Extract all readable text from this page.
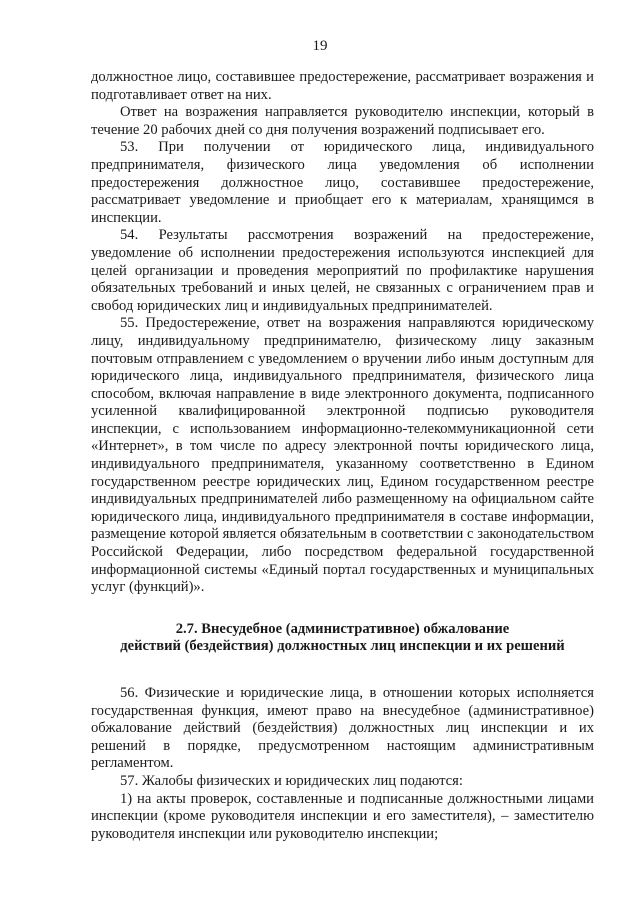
19

должностное лицо, составившее предостережение, рассматривает возражения и подготавливает ответ на них.

Ответ на возражения направляется руководителю инспекции, который в течение 20 рабочих дней со дня получения возражений подписывает его.

53. При получении от юридического лица, индивидуального предпринимателя, физического лица уведомления об исполнении предостережения должностное лицо, составившее предостережение, рассматривает уведомление и приобщает его к материалам, хранящимся в инспекции.

54. Результаты рассмотрения возражений на предостережение, уведомление об исполнении предостережения используются инспекцией для целей организации и проведения мероприятий по профилактике нарушения обязательных требований и иных целей, не связанных с ограничением прав и свобод юридических лиц и индивидуальных предпринимателей.

55. Предостережение, ответ на возражения направляются юридическому лицу, индивидуальному предпринимателю, физическому лицу заказным почтовым отправлением с уведомлением о вручении либо иным доступным для юридического лица, индивидуального предпринимателя, физического лица способом, включая направление в виде электронного документа, подписанного усиленной квалифицированной электронной подписью руководителя инспекции, с использованием информационно-телекоммуникационной сети «Интернет», в том числе по адресу электронной почты юридического лица, индивидуального предпринимателя, указанному соответственно в Едином государственном реестре юридических лиц, Едином государственном реестре индивидуальных предпринимателей либо размещенному на официальном сайте юридического лица, индивидуального предпринимателя в составе информации, размещение которой является обязательным в соответствии с законодательством Российской Федерации, либо посредством федеральной государственной информационной системы «Единый портал государственных и муниципальных услуг (функций)».

2.7. Внесудебное (административное) обжалование
действий (бездействия) должностных лиц инспекции и их решений

56. Физические и юридические лица, в отношении которых исполняется государственная функция, имеют право на внесудебное (административное) обжалование действий (бездействия) должностных лиц инспекции и их решений в порядке, предусмотренном настоящим административным регламентом.

57. Жалобы физических и юридических лиц подаются:

1) на акты проверок, составленные и подписанные должностными лицами инспекции (кроме руководителя инспекции и его заместителя), – заместителю руководителя инспекции или руководителю инспекции;
